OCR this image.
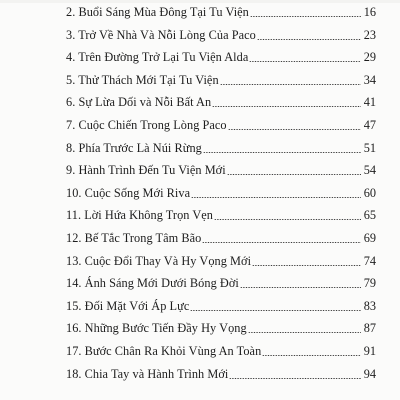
2. Buổi Sáng Mùa Đông Tại Tu Viện	16
3. Trở Về Nhà Và Nỗi Lòng Của Paco	23
4. Trên Đường Trở Lại Tu Viện Alda	29
5. Thử Thách Mới Tại Tu Viện	34
6. Sự Lừa Dối và Nỗi Bất An	41
7. Cuộc Chiến Trong Lòng Paco	47
8. Phía Trước Là Núi Rừng	51
9. Hành Trình Đến Tu Viện Mới	54
10. Cuộc Sống Mới Riva	60
11. Lời Hứa Không Trọn Vẹn	65
12. Bế Tắc Trong Tâm Bão	69
13. Cuộc Đổi Thay Và Hy Vọng Mới	74
14. Ánh Sáng Mới Dưới Bóng Đời	79
15. Đối Mặt Với Áp Lực	83
16. Những Bước Tiến Đầy Hy Vọng	87
17. Bước Chân Ra Khỏi Vùng An Toàn	91
18. Chia Tay và Hành Trình Mới	94
